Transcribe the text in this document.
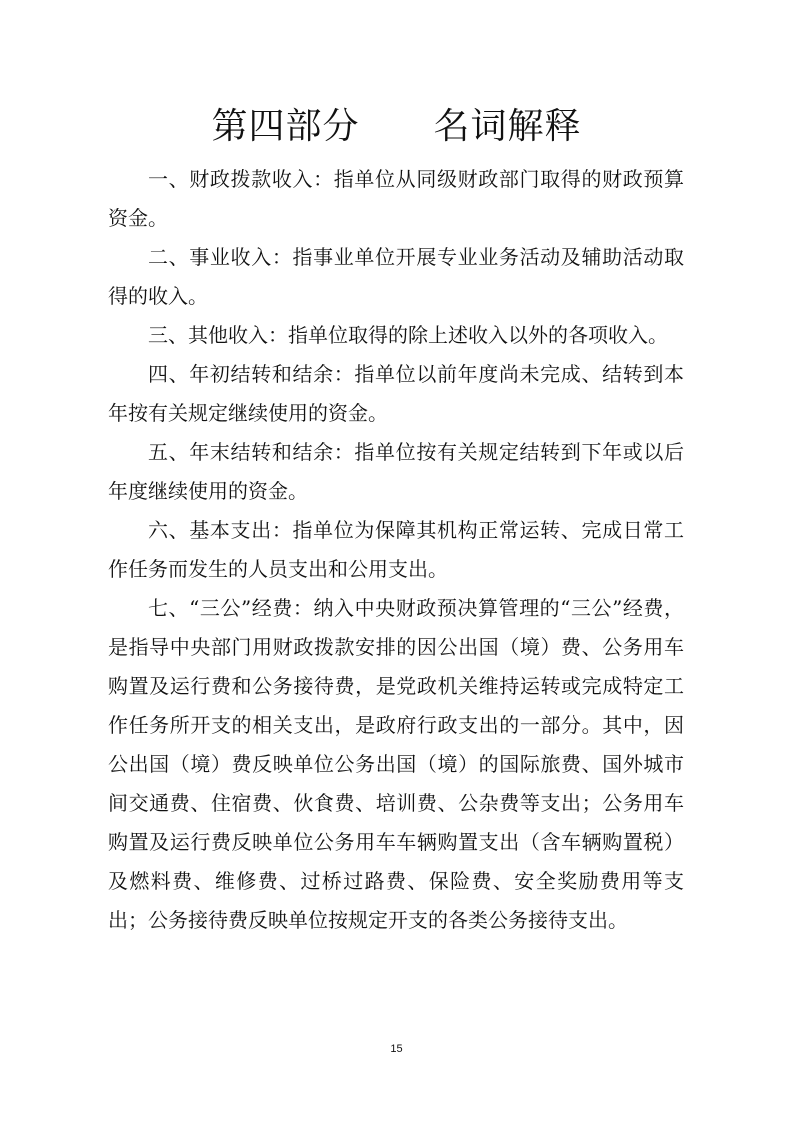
第四部分　　名词解释

一、财政拨款收入：指单位从同级财政部门取得的财政预算资金。

二、事业收入：指事业单位开展专业业务活动及辅助活动取得的收入。

三、其他收入：指单位取得的除上述收入以外的各项收入。

四、年初结转和结余：指单位以前年度尚未完成、结转到本年按有关规定继续使用的资金。

五、年末结转和结余：指单位按有关规定结转到下年或以后年度继续使用的资金。

六、基本支出：指单位为保障其机构正常运转、完成日常工作任务而发生的人员支出和公用支出。

七、“三公”经费：纳入中央财政预决算管理的“三公”经费，是指导中央部门用财政拨款安排的因公出国（境）费、公务用车购置及运行费和公务接待费，是党政机关维持运转或完成特定工作任务所开支的相关支出，是政府行政支出的一部分。其中，因公出国（境）费反映单位公务出国（境）的国际旅费、国外城市间交通费、住宿费、伙食费、培训费、公杂费等支出；公务用车购置及运行费反映单位公务用车车辆购置支出（含车辆购置税）及燃料费、维修费、过桥过路费、保险费、安全奖励费用等支出；公务接待费反映单位按规定开支的各类公务接待支出。

15
